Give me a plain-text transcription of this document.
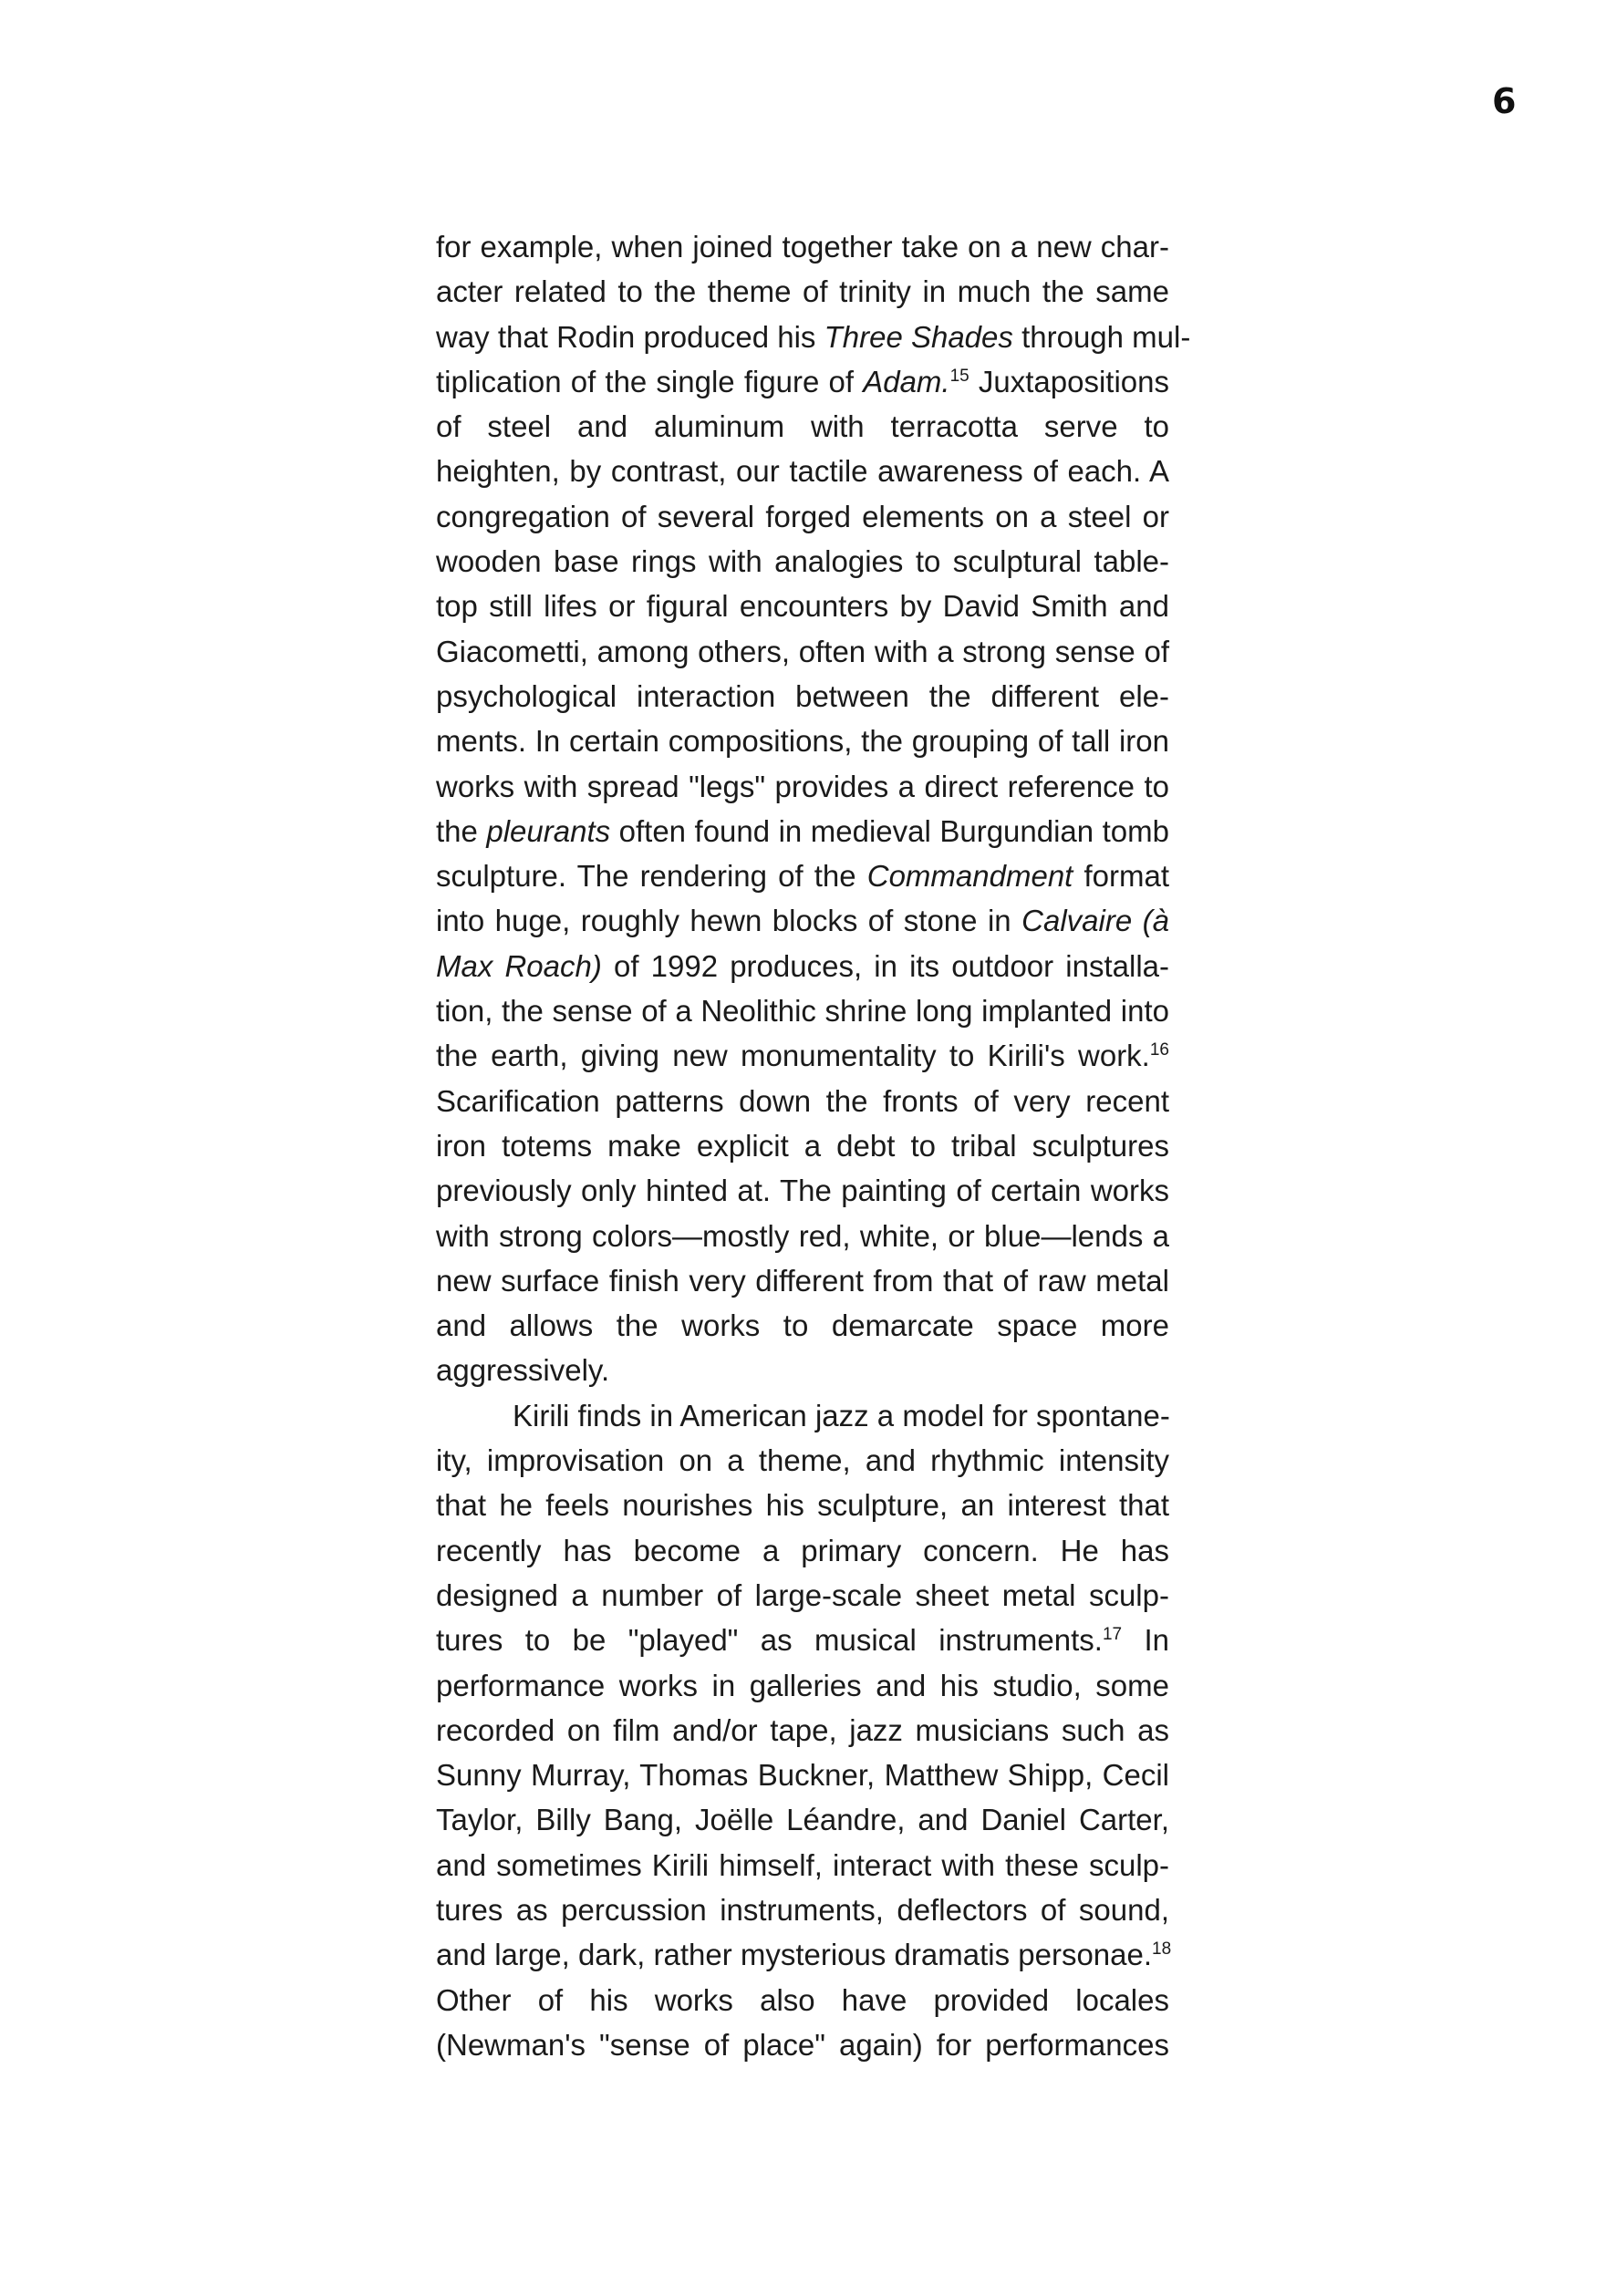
6
for example, when joined together take on a new char-
acter related to the theme of trinity in much the same
way that Rodin produced his Three Shades through mul-
tiplication of the single figure of Adam.$^{15}$ Juxtapositions
of steel and aluminum with terracotta serve to
heighten, by contrast, our tactile awareness of each. A
congregation of several forged elements on a steel or
wooden base rings with analogies to sculptural table-
top still lifes or figural encounters by David Smith and
Giacometti, among others, often with a strong sense of
psychological interaction between the different ele-
ments. In certain compositions, the grouping of tall iron
works with spread "legs" provides a direct reference to
the pleurants often found in medieval Burgundian tomb
sculpture. The rendering of the Commandment format
into huge, roughly hewn blocks of stone in Calvaire (à
Max Roach) of 1992 produces, in its outdoor installa-
tion, the sense of a Neolithic shrine long implanted into
the earth, giving new monumentality to Kirili's work.$^{16}$
Scarification patterns down the fronts of very recent
iron totems make explicit a debt to tribal sculptures
previously only hinted at. The painting of certain works
with strong colors—mostly red, white, or blue—lends a
new surface finish very different from that of raw metal
and allows the works to demarcate space more
aggressively.
Kirili finds in American jazz a model for spontane-
ity, improvisation on a theme, and rhythmic intensity
that he feels nourishes his sculpture, an interest that
recently has become a primary concern. He has
designed a number of large-scale sheet metal sculp-
tures to be "played" as musical instruments.$^{17}$ In
performance works in galleries and his studio, some
recorded on film and/or tape, jazz musicians such as
Sunny Murray, Thomas Buckner, Matthew Shipp, Cecil
Taylor, Billy Bang, Joëlle Léandre, and Daniel Carter,
and sometimes Kirili himself, interact with these sculp-
tures as percussion instruments, deflectors of sound,
and large, dark, rather mysterious dramatis personae.$^{18}$
Other of his works also have provided locales
(Newman's "sense of place" again) for performances
